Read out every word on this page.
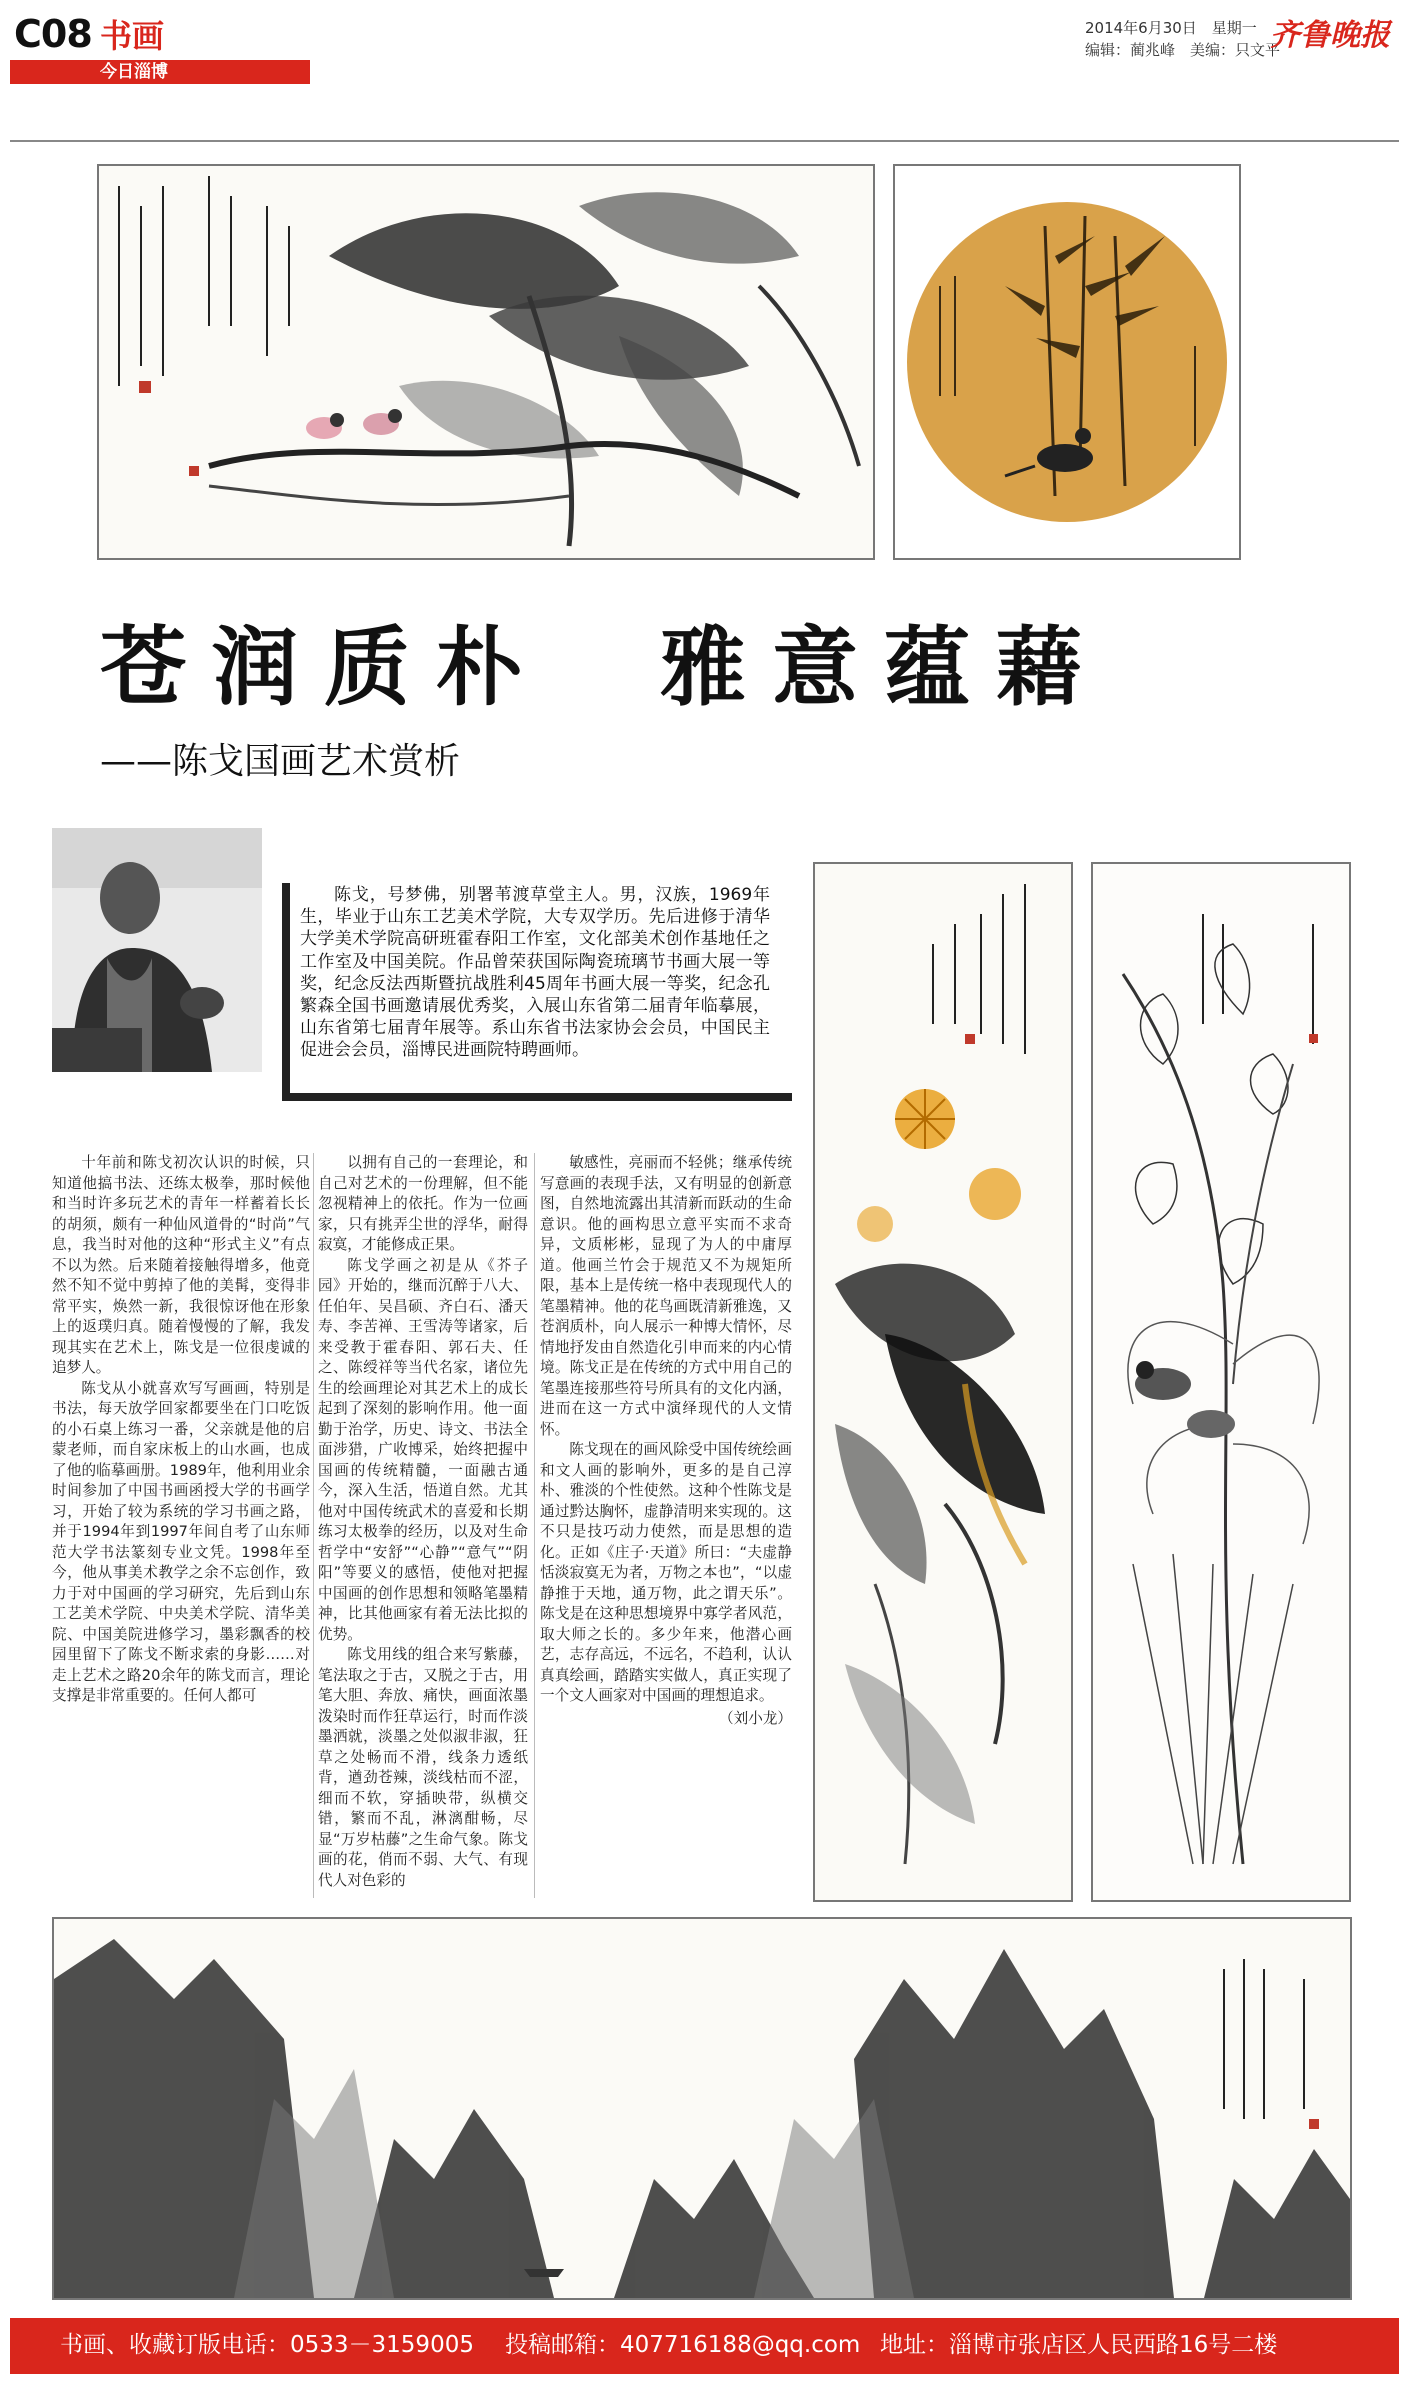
C08 书画
今日淄博
2014年6月30日　星期一
编辑：蔺兆峰　美编：只文平
齐鲁晚报
苍润质朴　雅意蕴藉
——陈戈国画艺术赏析
陈戈，号梦佛，别署苇渡草堂主人。男，汉族，1969年生，毕业于山东工艺美术学院，大专双学历。先后进修于清华大学美术学院高研班霍春阳工作室，文化部美术创作基地任之工作室及中国美院。作品曾荣获国际陶瓷琉璃节书画大展一等奖，纪念反法西斯暨抗战胜利45周年书画大展一等奖，纪念孔繁森全国书画邀请展优秀奖，入展山东省第二届青年临摹展，山东省第七届青年展等。系山东省书法家协会会员，中国民主促进会会员，淄博民进画院特聘画师。

十年前和陈戈初次认识的时候，只知道他搞书法、还练太极拳，那时候他和当时许多玩艺术的青年一样蓄着长长的胡须，颇有一种仙风道骨的“时尚”气息，我当时对他的这种“形式主义”有点不以为然。后来随着接触得增多，他竟然不知不觉中剪掉了他的美髯，变得非常平实，焕然一新，我很惊讶他在形象上的返璞归真。随着慢慢的了解，我发现其实在艺术上，陈戈是一位很虔诚的追梦人。

陈戈从小就喜欢写写画画，特别是书法，每天放学回家都要坐在门口吃饭的小石桌上练习一番，父亲就是他的启蒙老师，而自家床板上的山水画，也成了他的临摹画册。1989年，他利用业余时间参加了中国书画函授大学的书画学习，开始了较为系统的学习书画之路，并于1994年到1997年间自考了山东师范大学书法篆刻专业文凭。1998年至今，他从事美术教学之余不忘创作，致力于对中国画的学习研究，先后到山东工艺美术学院、中央美术学院、清华美院、中国美院进修学习，墨彩飘香的校园里留下了陈戈不断求索的身影……对走上艺术之路20余年的陈戈而言，理论支撑是非常重要的。任何人都可

以拥有自己的一套理论，和自己对艺术的一份理解，但不能忽视精神上的依托。作为一位画家，只有挑弄尘世的浮华，耐得寂寞，才能修成正果。

陈戈学画之初是从《芥子园》开始的，继而沉醉于八大、任伯年、吴昌硕、齐白石、潘天寿、李苦禅、王雪涛等诸家，后来受教于霍春阳、郭石夫、任之、陈绶祥等当代名家，诸位先生的绘画理论对其艺术上的成长起到了深刻的影响作用。他一面勤于治学，历史、诗文、书法全面涉猎，广收博采，始终把握中国画的传统精髓，一面融古通今，深入生活，悟道自然。尤其他对中国传统武术的喜爱和长期练习太极拳的经历，以及对生命哲学中“安舒”“心静”“意气”“阴阳”等要义的感悟，使他对把握中国画的创作思想和领略笔墨精神，比其他画家有着无法比拟的优势。

陈戈用线的组合来写紫藤，笔法取之于古，又脱之于古，用笔大胆、奔放、痛快，画面浓墨泼染时而作狂草运行，时而作淡墨洒就，淡墨之处似淑非淑，狂草之处畅而不滑，线条力透纸背，遒劲苍辣，淡线枯而不涩，细而不软，穿插映带，纵横交错，繁而不乱，淋漓酣畅，尽显“万岁枯藤”之生命气象。陈戈画的花，俏而不弱、大气、有现代人对色彩的

敏感性，亮丽而不轻佻；继承传统写意画的表现手法，又有明显的创新意图，自然地流露出其清新而跃动的生命意识。他的画构思立意平实而不求奇异，文质彬彬，显现了为人的中庸厚道。他画兰竹会于规范又不为规矩所限，基本上是传统一格中表现现代人的笔墨精神。他的花鸟画既清新雅逸，又苍润质朴，向人展示一种博大情怀，尽情地抒发由自然造化引申而来的内心情境。陈戈正是在传统的方式中用自己的笔墨连接那些符号所具有的文化内涵，进而在这一方式中演绎现代的人文情怀。

陈戈现在的画风除受中国传统绘画和文人画的影响外，更多的是自己淳朴、雅淡的个性使然。这种个性陈戈是通过黔达胸怀，虚静清明来实现的。这不只是技巧动力使然，而是思想的造化。正如《庄子·天道》所曰：“夫虚静恬淡寂寞无为者，万物之本也”，“以虚静推于天地，通万物，此之谓天乐”。陈戈是在这种思想境界中寡学者风范，取大师之长的。多少年来，他潜心画艺，志存高远，不远名，不趋利，认认真真绘画，踏踏实实做人，真正实现了一个文人画家对中国画的理想追求。

（刘小龙）
书画、收藏订版电话：0533－3159005 投稿邮箱：407716188@qq.com 地址：淄博市张店区人民西路16号二楼
